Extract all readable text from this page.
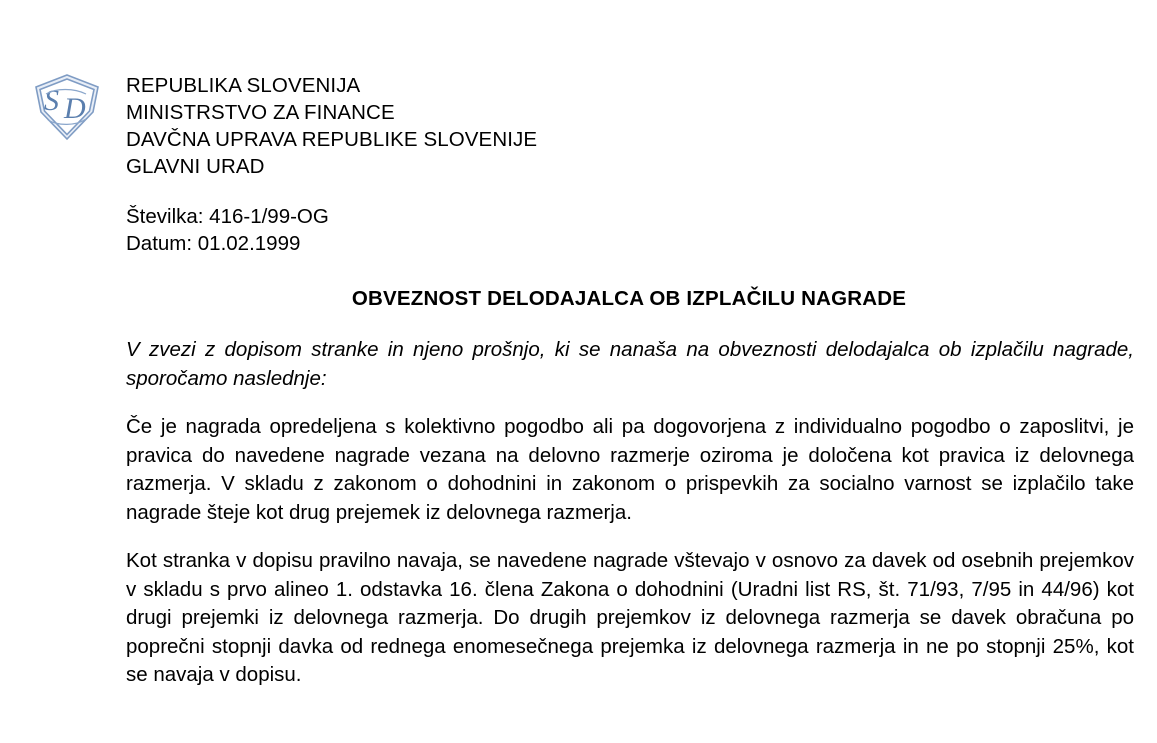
S D
REPUBLIKA SLOVENIJA
MINISTRSTVO ZA FINANCE
DAVČNA UPRAVA REPUBLIKE SLOVENIJE
GLAVNI URAD
Številka: 416-1/99-OG
Datum: 01.02.1999
OBVEZNOST DELODAJALCA OB IZPLAČILU NAGRADE

V zvezi z dopisom stranke in njeno prošnjo, ki se nanaša na obveznosti delodajalca ob izplačilu nagrade, sporočamo naslednje:

Če je nagrada opredeljena s kolektivno pogodbo ali pa dogovorjena z individualno pogodbo o zaposlitvi, je pravica do navedene nagrade vezana na delovno razmerje oziroma je določena kot pravica iz delovnega razmerja. V skladu z zakonom o dohodnini in zakonom o prispevkih za socialno varnost se izplačilo take nagrade šteje kot drug prejemek iz delovnega razmerja.

Kot stranka v dopisu pravilno navaja, se navedene nagrade vštevajo v osnovo za davek od osebnih prejemkov v skladu s prvo alineo 1. odstavka 16. člena Zakona o dohodnini (Uradni list RS, št. 71/93, 7/95 in 44/96) kot drugi prejemki iz delovnega razmerja. Do drugih prejemkov iz delovnega razmerja se davek obračuna po poprečni stopnji davka od rednega enomesečnega prejemka iz delovnega razmerja in ne po stopnji 25%, kot se navaja v dopisu.
